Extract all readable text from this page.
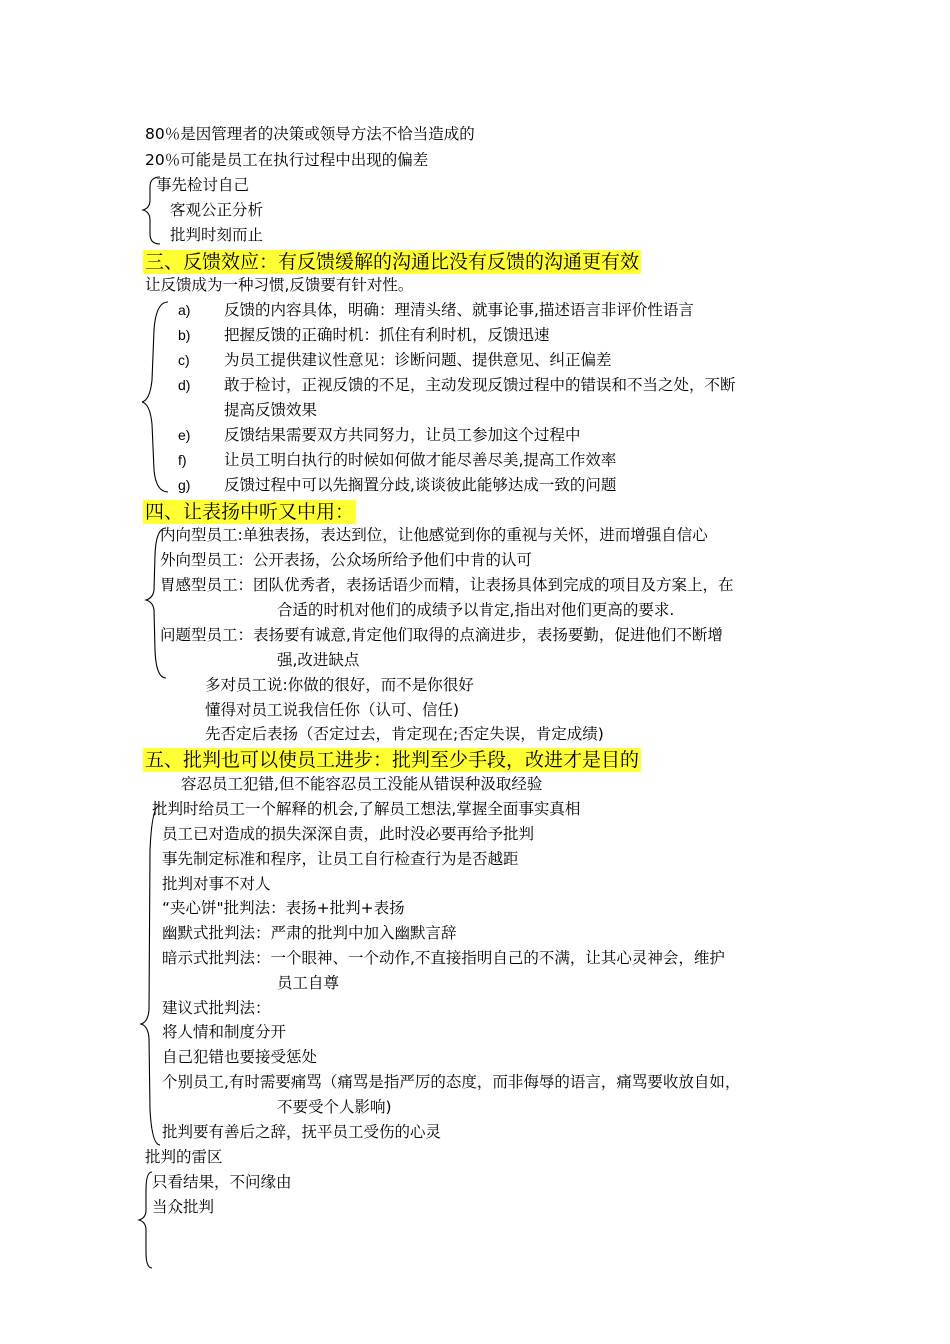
80％是因管理者的决策或领导方法不恰当造成的
20％可能是员工在执行过程中出现的偏差
事先检讨自己
客观公正分析
批判时刻而止
三、反馈效应：有反馈缓解的沟通比没有反馈的沟通更有效
让反馈成为一种习惯,反馈要有针对性。
a) 反馈的内容具体，明确：理清头绪、就事论事,描述语言非评价性语言
b) 把握反馈的正确时机：抓住有利时机，反馈迅速
c) 为员工提供建议性意见：诊断问题、提供意见、纠正偏差
d) 敢于检讨，正视反馈的不足，主动发现反馈过程中的错误和不当之处，不断
提高反馈效果
e) 反馈结果需要双方共同努力，让员工参加这个过程中
f) 让员工明白执行的时候如何做才能尽善尽美,提高工作效率
g) 反馈过程中可以先搁置分歧,谈谈彼此能够达成一致的问题
四、让表扬中听又中用：
内向型员工:单独表扬，表达到位，让他感觉到你的重视与关怀，进而增强自信心
外向型员工：公开表扬，公众场所给予他们中肯的认可
胃感型员工：团队优秀者，表扬话语少而精，让表扬具体到完成的项目及方案上，在
合适的时机对他们的成绩予以肯定,指出对他们更高的要求.
问题型员工：表扬要有诚意,肯定他们取得的点滴进步，表扬要勤，促进他们不断增
强,改进缺点
多对员工说:你做的很好，而不是你很好
懂得对员工说我信任你（认可、信任)
先否定后表扬（否定过去，肯定现在;否定失误，肯定成绩)
五、批判也可以使员工进步：批判至少手段，改进才是目的
容忍员工犯错,但不能容忍员工没能从错误种汲取经验
批判时给员工一个解释的机会,了解员工想法,掌握全面事实真相
员工已对造成的损失深深自责，此时没必要再给予批判
事先制定标准和程序，让员工自行检查行为是否越距
批判对事不对人
“夹心饼"批判法：表扬+批判+表扬
幽默式批判法：严肃的批判中加入幽默言辞
暗示式批判法：一个眼神、一个动作,不直接指明自己的不满，让其心灵神会，维护
员工自尊
建议式批判法：
将人情和制度分开
自己犯错也要接受惩处
个别员工,有时需要痛骂（痛骂是指严厉的态度，而非侮辱的语言，痛骂要收放自如，
不要受个人影响)
批判要有善后之辞，抚平员工受伤的心灵
批判的雷区
只看结果，不问缘由
当众批判
